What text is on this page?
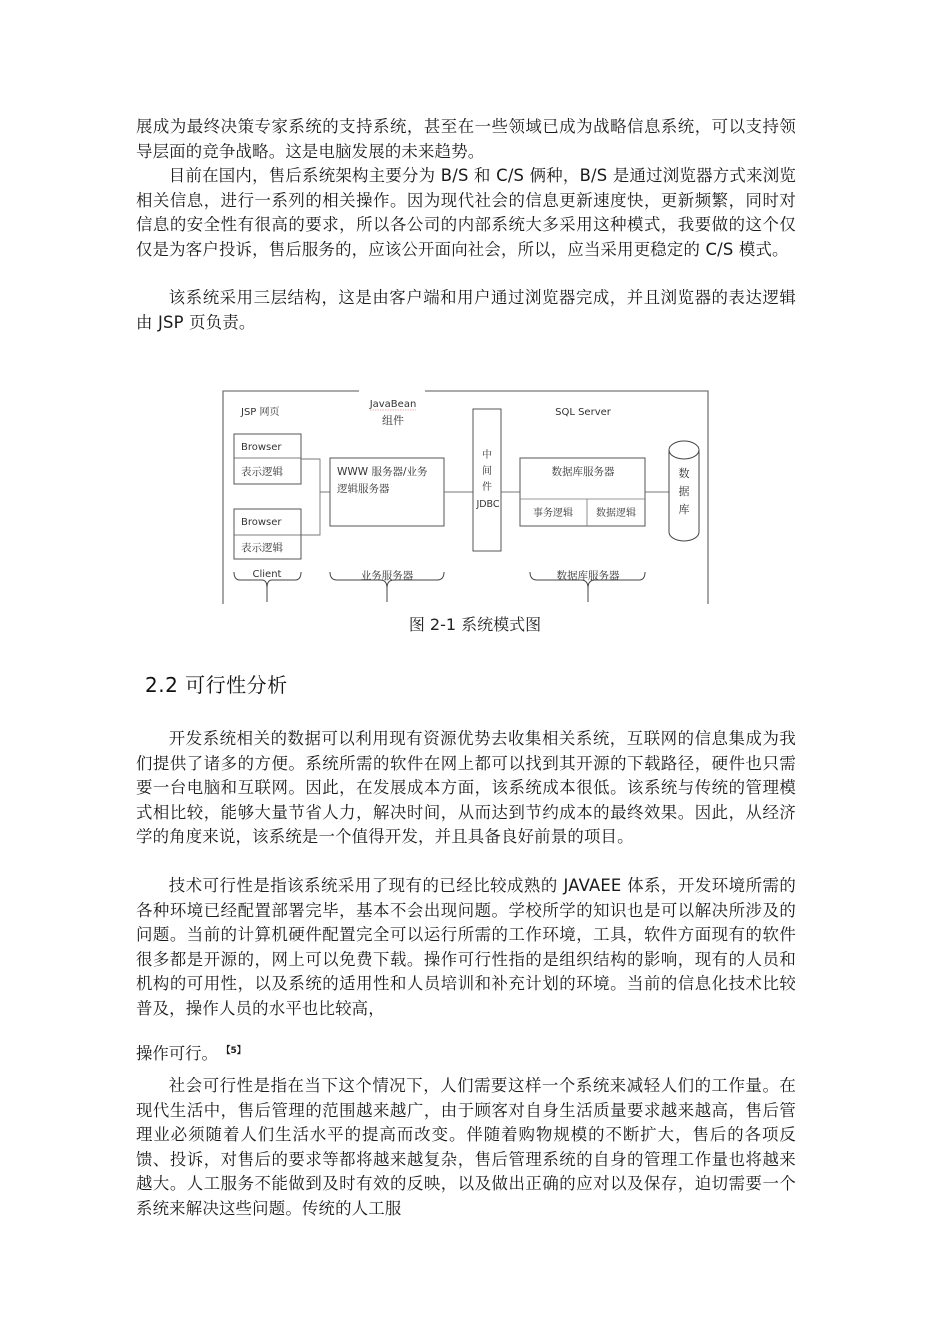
展成为最终决策专家系统的支持系统，甚至在一些领域已成为战略信息系统，可以支持领导层面的竞争战略。这是电脑发展的未来趋势。

目前在国内，售后系统架构主要分为 B/S 和 C/S 俩种，B/S 是通过浏览器方式来浏览相关信息，进行一系列的相关操作。因为现代社会的信息更新速度快，更新频繁，同时对信息的安全性有很高的要求，所以各公司的内部系统大多采用这种模式，我要做的这个仅仅是为客户投诉，售后服务的，应该公开面向社会，所以，应当采用更稳定的 C/S 模式。

该系统采用三层结构，这是由客户端和用户通过浏览器完成，并且浏览器的表达逻辑由 JSP 页负责。

JSP 网页
JavaBean
组件
SQL Server
Browser
表示逻辑
Browser
表示逻辑
WWW 服务器/业务
逻辑服务器
中
间
件
JDBC
数据库服务器
事务逻辑 数据逻辑
数
据
库
Client	业务服务器	数据库服务器
图 2-1 系统模式图
2.2 可行性分析

开发系统相关的数据可以利用现有资源优势去收集相关系统，互联网的信息集成为我们提供了诸多的方便。系统所需的软件在网上都可以找到其开源的下载路径，硬件也只需要一台电脑和互联网。因此，在发展成本方面，该系统成本很低。该系统与传统的管理模式相比较，能够大量节省人力，解决时间，从而达到节约成本的最终效果。因此，从经济学的角度来说，该系统是一个值得开发，并且具备良好前景的项目。

技术可行性是指该系统采用了现有的已经比较成熟的 JAVAEE 体系，开发环境所需的各种环境已经配置部署完毕，基本不会出现问题。学校所学的知识也是可以解决所涉及的问题。当前的计算机硬件配置完全可以运行所需的工作环境，工具，软件方面现有的软件很多都是开源的，网上可以免费下载。操作可行性指的是组织结构的影响，现有的人员和机构的可用性，以及系统的适用性和人员培训和补充计划的环境。当前的信息化技术比较普及，操作人员的水平也比较高，

操作可行。 $^{【5】}$

社会可行性是指在当下这个情况下，人们需要这样一个系统来减轻人们的工作量。在现代生活中，售后管理的范围越来越广，由于顾客对自身生活质量要求越来越高，售后管理业必须随着人们生活水平的提高而改变。伴随着购物规模的不断扩大，售后的各项反馈、投诉，对售后的要求等都将越来越复杂，售后管理系统的自身的管理工作量也将越来越大。人工服务不能做到及时有效的反映，以及做出正确的应对以及保存，迫切需要一个系统来解决这些问题。传统的人工服
